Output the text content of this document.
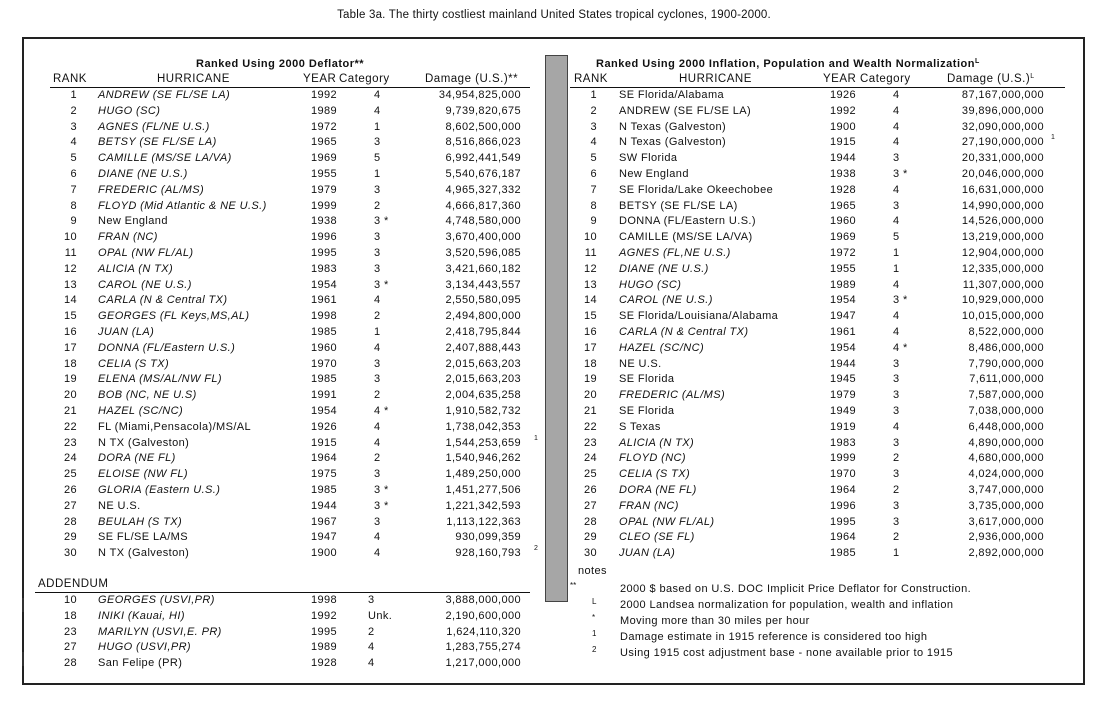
Table 3a. The thirty costliest mainland United States tropical cyclones, 1900-2000.
Ranked Using 2000 Deflator**
RANK	HURRICANE	YEAR Category	Damage (U.S.)**
1 ANDREW (SE FL/SE LA)	1992	4	34,954,825,000
2 HUGO (SC)	1989	4	9,739,820,675
3 AGNES (FL/NE U.S.)	1972	1	8,602,500,000
4 BETSY (SE FL/SE LA)	1965	3	8,516,866,023
5 CAMILLE (MS/SE LA/VA)	1969	5	6,992,441,549
6 DIANE (NE U.S.)	1955	1	5,540,676,187
7 FREDERIC (AL/MS)	1979	3	4,965,327,332
8 FLOYD (Mid Atlantic & NE U.S.)	1999	2	4,666,817,360
9 New England	1938	3 *	4,748,580,000
10 FRAN (NC)	1996	3	3,670,400,000
11 OPAL (NW FL/AL)	1995	3	3,520,596,085
12 ALICIA (N TX)	1983	3	3,421,660,182
13 CAROL (NE U.S.)	1954	3 *	3,134,443,557
14 CARLA (N & Central TX)	1961	4	2,550,580,095
15 GEORGES (FL Keys,MS,AL)	1998	2	2,494,800,000
16 JUAN (LA)	1985	1	2,418,795,844
17 DONNA (FL/Eastern U.S.)	1960	4	2,407,888,443
18 CELIA (S TX)	1970	3	2,015,663,203
19 ELENA (MS/AL/NW FL)	1985	3	2,015,663,203
20 BOB (NC, NE U.S)	1991	2	2,004,635,258
21 HAZEL (SC/NC)	1954	4 *	1,910,582,732
22 FL (Miami,Pensacola)/MS/AL	1926	4	1,738,042,353
23 N TX (Galveston)	1915	4	1,544,253,659 1
24 DORA (NE FL)	1964	2	1,540,946,262
25 ELOISE (NW FL)	1975	3	1,489,250,000
26 GLORIA (Eastern U.S.)	1985	3 *	1,451,277,506
27 NE U.S.	1944	3 *	1,221,342,593
28 BEULAH (S TX)	1967	3	1,113,122,363
29 SE FL/SE LA/MS	1947	4	930,099,359
30 N TX (Galveston)	1900	4	928,160,793 2
ADDENDUM
10 GEORGES (USVI,PR)	1998	3	3,888,000,000
18 INIKI (Kauai, HI)	1992	Unk.	2,190,600,000
23 MARILYN (USVI,E. PR)	1995	2	1,624,110,320
27 HUGO (USVI,PR)	1989	4	1,283,755,274
28 San Felipe (PR)	1928	4	1,217,000,000
Ranked Using 2000 Inflation, Population and Wealth Normalization$^L$
RANK	HURRICANE	YEAR Category	Damage $(U.S.)^L$
1 SE Florida/Alabama	1926	4	87,167,000,000
2 ANDREW (SE FL/SE LA)	1992	4	39,896,000,000
3 N Texas (Galveston)	1900	4	32,090,000,000
4 N Texas (Galveston)	1915	4	27,190,000,000 1
5 SW Florida	1944	3	20,331,000,000
6 New England	1938	3 *	20,046,000,000
7 SE Florida/Lake Okeechobee	1928	4	16,631,000,000
8 BETSY (SE FL/SE LA)	1965	3	14,990,000,000
9 DONNA (FL/Eastern U.S.)	1960	4	14,526,000,000
10 CAMILLE (MS/SE LA/VA)	1969	5	13,219,000,000
11 AGNES (FL,NE U.S.)	1972	1	12,904,000,000
12 DIANE (NE U.S.)	1955	1	12,335,000,000
13 HUGO (SC)	1989	4	11,307,000,000
14 CAROL (NE U.S.)	1954	3 *	10,929,000,000
15 SE Florida/Louisiana/Alabama	1947	4	10,015,000,000
16 CARLA (N & Central TX)	1961	4	8,522,000,000
17 HAZEL (SC/NC)	1954	4 *	8,486,000,000
18 NE U.S.	1944	3	7,790,000,000
19 SE Florida	1945	3	7,611,000,000
20 FREDERIC (AL/MS)	1979	3	7,587,000,000
21 SE Florida	1949	3	7,038,000,000
22 S Texas	1919	4	6,448,000,000
23 ALICIA (N TX)	1983	3	4,890,000,000
24 FLOYD (NC)	1999	2	4,680,000,000
25 CELIA (S TX)	1970	3	4,024,000,000
26 DORA (NE FL)	1964	2	3,747,000,000
27 FRAN (NC)	1996	3	3,735,000,000
28 OPAL (NW FL/AL)	1995	3	3,617,000,000
29 CLEO (SE FL)	1964	2	2,936,000,000
30 JUAN (LA)	1985	1	2,892,000,000
notes
**	2000 $ based on U.S. DOC Implicit Price Deflator for Construction.
L 2000 Landsea normalization for population, wealth and inflation
* Moving more than 30 miles per hour
1 Damage estimate in 1915 reference is considered too high
2 Using 1915 cost adjustment base - none available prior to 1915
